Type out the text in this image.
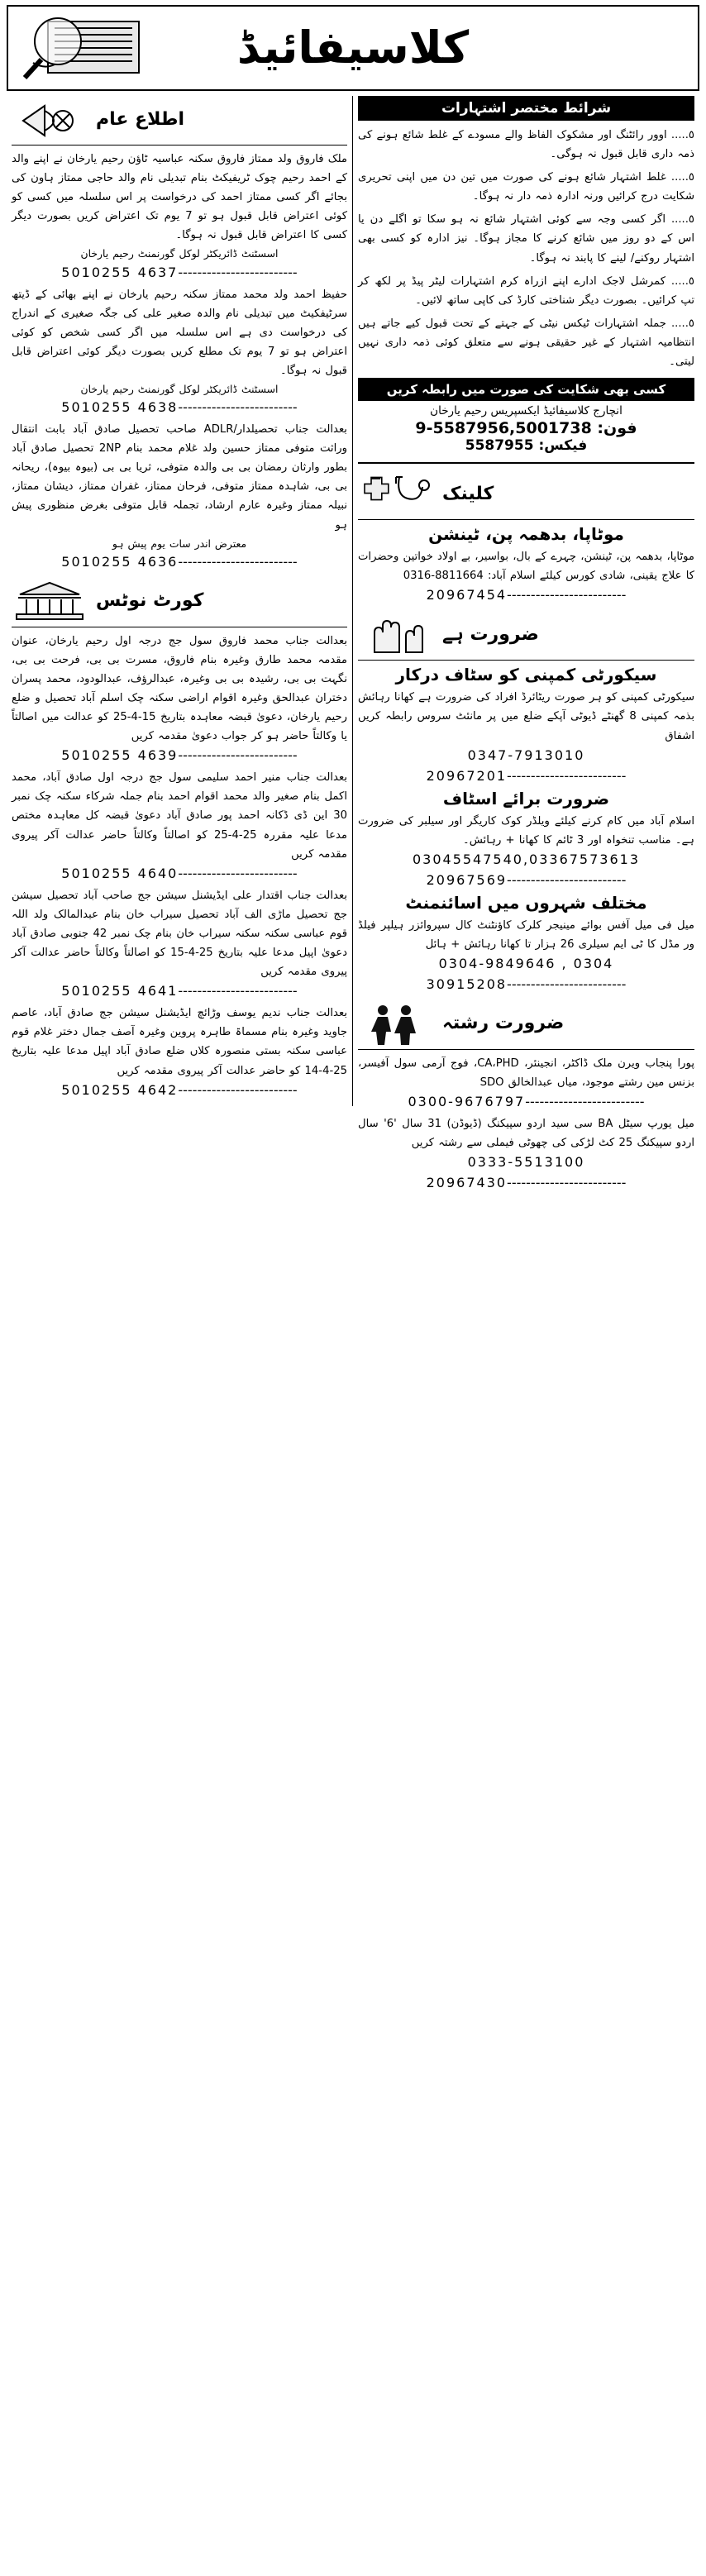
کلاسیفائیڈ
اطلاع عام
ملک فاروق ولد ممتاز فاروق سکنہ عباسیہ ٹاؤن رحیم یارخان نے اپنے والد کے احمد رحیم چوک ٹریفیکٹ بنام تبدیلی نام والد حاجی ممتاز ہاون کی بجائے اگر کسی ممتاز احمد کی درخواست پر اس سلسلہ میں کسی کو کوئی اعتراض قابل قبول ہو تو 7 یوم تک اعتراض کریں بصورت دیگر کسی کا اعتراض قابل قبول نہ ہوگا۔
اسسٹنٹ ڈائریکٹر لوکل گورنمنٹ رحیم یارخان
5010255 4637 -----
حفیظ احمد ولد محمد ممتاز سکنہ رحیم یارخان نے اپنے بھائی کے ڈیتھ سرٹیفکیٹ میں تبدیلی نام والدہ صغیر علی کی جگہ صغیری کے اندراج کی درخواست دی ہے اس سلسلہ میں اگر کسی شخص کو کوئی اعتراض ہو تو 7 یوم تک مطلع کریں بصورت دیگر کوئی اعتراض قابل قبول نہ ہوگا۔
اسسٹنٹ ڈائریکٹر لوکل گورنمنٹ رحیم یارخان
5010255 4638 -----
بعدالت جناب تحصیلدار/ADLR صاحب تحصیل صادق آباد بابت انتقال وراثت متوفی ممتاز حسین ولد غلام محمد بنام 2NP تحصیل صادق آباد بطور وارثان رمضان بی بی والدہ متوفی، ثریا بی بی (بیوہ بیوہ)، ریحانہ بی بی، شاہدہ ممتاز متوفی، فرحان ممتاز، غفران ممتاز، دیشان ممتاز، نبیلہ ممتاز وغیرہ عارم ارشاد، تجملہ قابل متوفی بغرض منظوری پیش ہو
معترض اندر سات یوم پیش ہو
5010255 4636 -----
کورٹ نوٹس
بعدالت جناب محمد فاروق سول جج درجہ اول رحیم یارخان، عنوان مقدمہ محمد طارق وغیرہ بنام فاروق، مسرت بی بی، فرحت بی بی، نگہت بی بی، رشیدہ بی بی وغیرہ، عبدالرؤف، عبدالودود، محمد پسران دختران عبدالحق وغیرہ اقوام اراضی سکنہ چک اسلم آباد تحصیل و ضلع رحیم یارخان، دعویٰ قبضہ معاہدہ بتاریخ 15-4-25 کو عدالت میں اصالتاً یا وکالتاً حاضر ہو کر جواب دعویٰ مقدمہ کریں
5010255 4639 -----
بعدالت جناب منیر احمد سلیمی سول جج درجہ اول صادق آباد، محمد اکمل بنام صغیر والد محمد اقوام احمد بنام جملہ شرکاء سکنہ چک نمبر 30 این ڈی ڈکانہ احمد پور صادق آباد دعویٰ قبضہ کل معاہدہ مختص مدعا علیہ مقررہ 25-4-25 کو اصالتاً وکالتاً حاضر عدالت آکر پیروی مقدمہ کریں
5010255 4640 -----
بعدالت جناب اقتدار علی ایڈیشنل سیشن جج صاحب آباد تحصیل سیشن جج تحصیل ماڑی الف آباد تحصیل سیراب خان بنام عبدالمالک ولد اللہ قوم عباسی سکنہ سکنہ سیراب خان بنام چک نمبر 42 جنوبی صادق آباد دعویٰ اپیل مدعا علیہ بتاریخ 25-4-15 کو اصالتاً وکالتاً حاضر عدالت آکر پیروی مقدمہ کریں
5010255 4641 -----
بعدالت جناب ندیم یوسف وڑائچ ایڈیشنل سیشن جج صادق آباد، عاصم جاوید وغیرہ بنام مسماۃ طاہرہ پروین وغیرہ آصف جمال دختر غلام قوم عباسی سکنہ بستی منصورہ کلاں ضلع صادق آباد اپیل مدعا علیہ بتاریخ 25-4-14 کو حاضر عدالت آکر پیروی مقدمہ کریں
5010255 4642 -----
شرائط مختصر اشتہارات

٥..... اوور رائٹنگ اور مشکوک الفاظ والے مسودے کے غلط شائع ہونے کی ذمہ داری قابل قبول نہ ہوگی۔

٥..... غلط اشتہار شائع ہونے کی صورت میں تین دن میں اپنی تحریری شکایت درج کرائیں ورنہ ادارہ ذمہ دار نہ ہوگا۔

٥..... اگر کسی وجہ سے کوئی اشتہار شائع نہ ہو سکا تو اگلے دن یا اس کے دو روز میں شائع کرنے کا مجاز ہوگا۔ نیز ادارہ کو کسی بھی اشتہار روکنے/ لینے کا پابند نہ ہوگا۔

٥..... کمرشل لاجک ادارے اپنے ازراہ کرم اشتہارات لیٹر پیڈ پر لکھ کر تپ کرائیں۔ بصورت دیگر شناختی کارڈ کی کاپی ساتھ لائیں۔

٥..... جملہ اشتہارات ٹیکس نیٹی کے جہتے کے تحت قبول کیے جاتے ہیں انتظامیہ اشتہار کے غیر حقیقی ہونے سے متعلق کوئی ذمہ داری نہیں لیتی۔

کسی بھی شکایت کی صورت میں رابطہ کریں
انچارج کلاسیفائیڈ ایکسپریس رحیم یارخان
فون: 5587956,5001738-9
فیکس: 5587955
کلینک
موٹاپا، بدھمہ پن، ٹینشن
موٹاپا، بدھمہ پن، ٹینشن، چہرے کے بال، بواسیر، بے اولاد خواتین وحضرات کا علاج یقینی، شادی کورس کیلئے اسلام آباد: 8811664-0316
20967454 -----
ضرورت ہے
سیکورٹی کمپنی کو سٹاف درکار
سیکورٹی کمپنی کو ہر صورت ریٹائرڈ افراد کی ضرورت ہے کھانا رہائش بذمہ کمپنی 8 گھنٹے ڈیوٹی آپکے ضلع میں پر مانئٹ سروس رابطہ کریں اشفاق
0347-7913010
20967201 -----
ضرورت برائے اسٹاف
اسلام آباد میں کام کرنے کیلئے ویلڈر کوک کاریگر اور سیلبر کی ضرورت ہے۔ مناسب تنخواہ اور 3 ٹائم کا کھانا + رہائش۔
03045547540,03367573613
20967569 -----
مختلف شہروں میں اسائنمنٹ
میل فی میل آفس بوائے مینیجر کلرک کاؤنٹنٹ کال سپروائزر ہیلپر فیلڈ ور مڈل کا ٹی ایم سیلری 26 ہزار تا کھانا رہائش + ہائل
0304-9849646 , 0304
30915208 -----
ضرورت رشتہ
پورا پنجاب ویرن ملک ڈاکٹر، انجینئر، CA،PHD، فوج آرمی سول آفیسر، بزنس مین رشتے موجود، میاں عبدالخالق SDO
0300-9676797 -----
میل یورپ سیٹل BA سی سید اردو سپیکنگ (ڈیوڈن) 31 سال '6' سال اردو سپیکنگ 25 کٹ لڑکی کی چھوٹی فیملی سے رشتہ کریں
0333-5513100
20967430 -----
